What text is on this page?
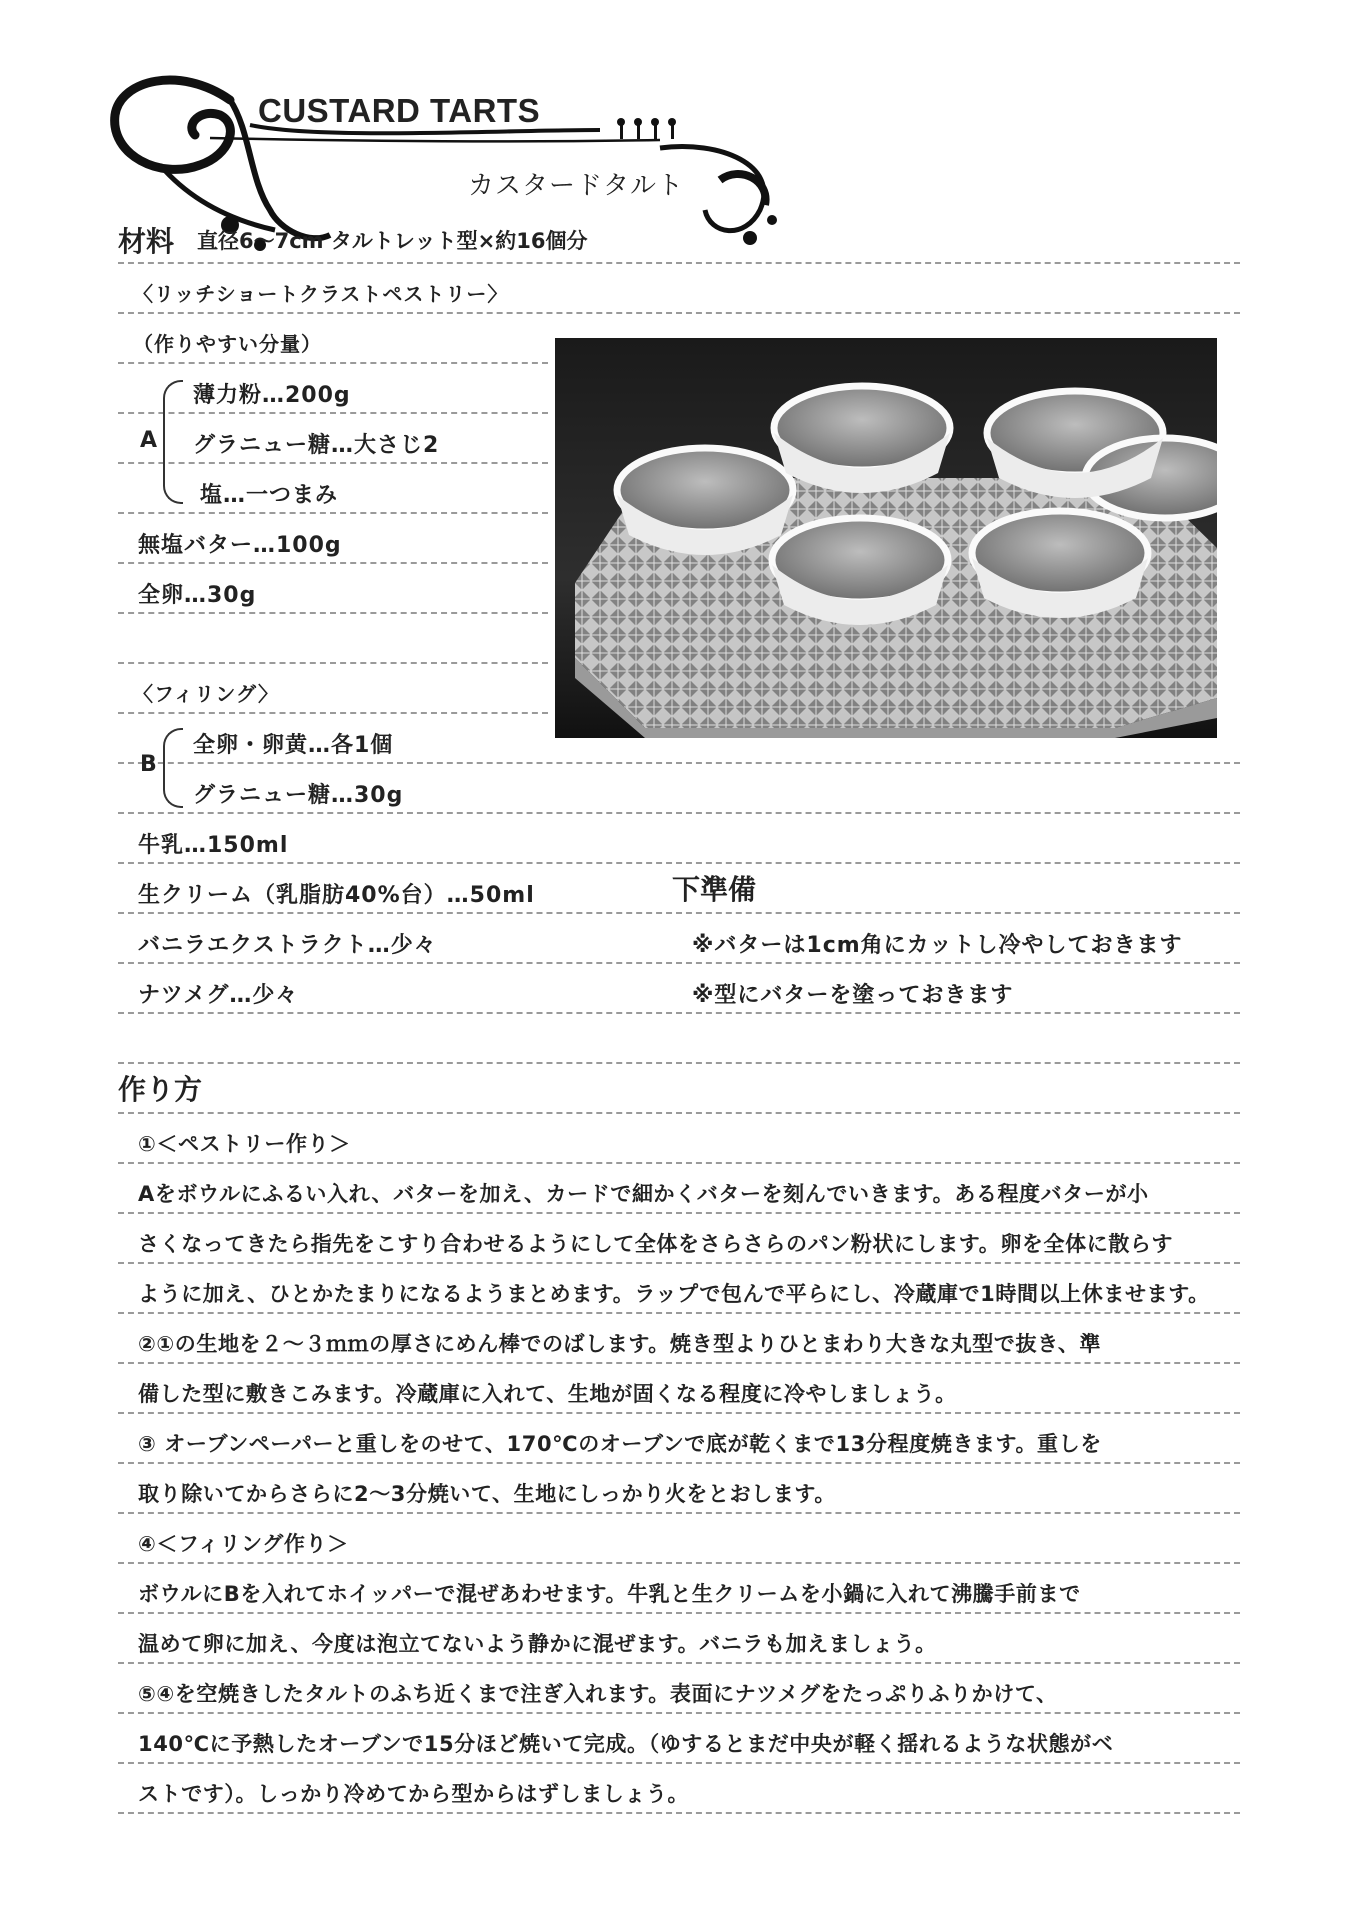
CUSTARD TARTS
カスタードタルト
材料 直径6～7cm タルトレット型×約16個分
〈リッチショートクラストペストリー〉
（作りやすい分量）
A
薄力粉…200g
グラニュー糖…大さじ2
塩…一つまみ
無塩バター…100g
全卵…30g
〈フィリング〉
B
全卵・卵黄…各1個
グラニュー糖…30g
牛乳…150ml
生クリーム（乳脂肪40%台）…50ml
バニラエクストラクト…少々
ナツメグ…少々
下準備
※バターは1cm角にカットし冷やしておきます
※型にバターを塗っておきます
作り方
①＜ペストリー作り＞
Aをボウルにふるい入れ、バターを加え、カードで細かくバターを刻んでいきます。ある程度バターが小
さくなってきたら指先をこすり合わせるようにして全体をさらさらのパン粉状にします。卵を全体に散らす
ように加え、ひとかたまりになるようまとめます。ラップで包んで平らにし、冷蔵庫で1時間以上休ませます。
②①の生地を２～３ｍｍの厚さにめん棒でのばします。焼き型よりひとまわり大きな丸型で抜き、準
備した型に敷きこみます。冷蔵庫に入れて、生地が固くなる程度に冷やしましょう。
③ オーブンペーパーと重しをのせて、170℃のオーブンで底が乾くまで13分程度焼きます。重しを
取り除いてからさらに2～3分焼いて、生地にしっかり火をとおします。
④＜フィリング作り＞
ボウルにBを入れてホイッパーで混ぜあわせます。牛乳と生クリームを小鍋に入れて沸騰手前まで
温めて卵に加え、今度は泡立てないよう静かに混ぜます。バニラも加えましょう。
⑤④を空焼きしたタルトのふち近くまで注ぎ入れます。表面にナツメグをたっぷりふりかけて、
140℃に予熱したオーブンで15分ほど焼いて完成。（ゆするとまだ中央が軽く揺れるような状態がベ
ストです）。しっかり冷めてから型からはずしましょう。
